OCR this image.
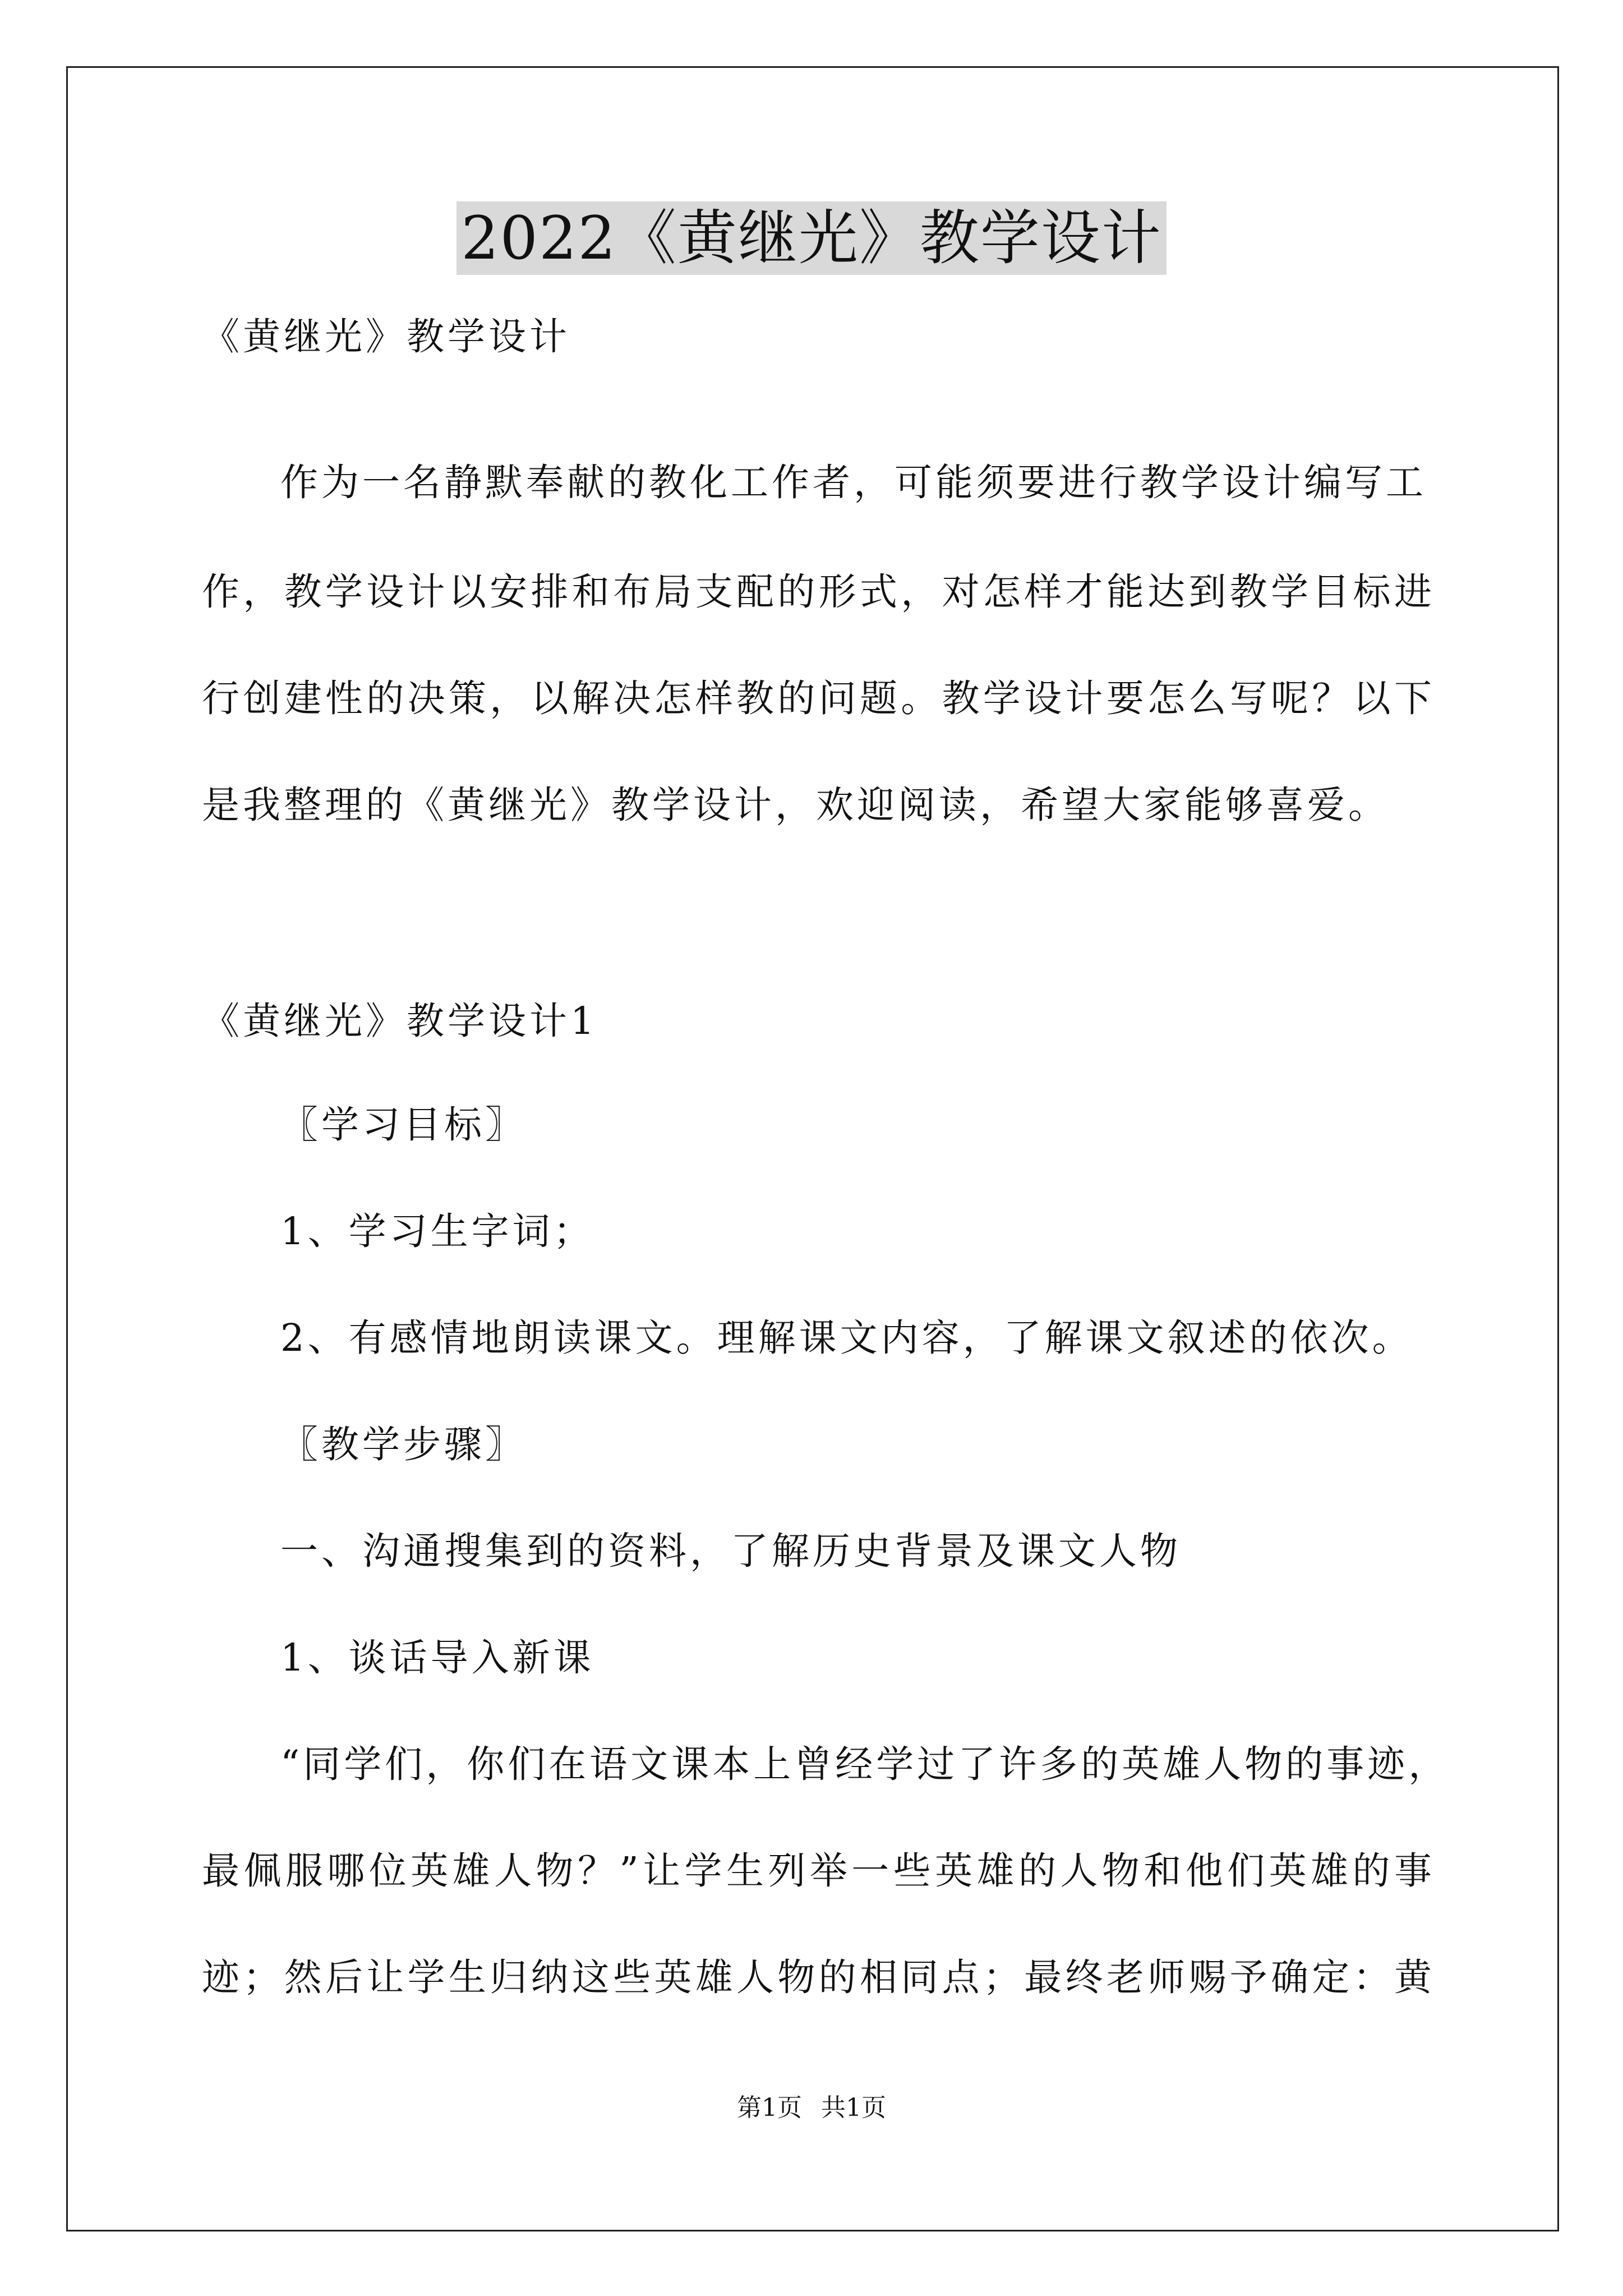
2022《黄继光》教学设计

《黄继光》教学设计

作为一名静默奉献的教化工作者，可能须要进行教学设计编写工

作，教学设计以安排和布局支配的形式，对怎样才能达到教学目标进

行创建性的决策，以解决怎样教的问题。教学设计要怎么写呢？以下

是我整理的《黄继光》教学设计，欢迎阅读，希望大家能够喜爱。

《黄继光》教学设计1

〖学习目标〗

1、学习生字词；

2、有感情地朗读课文。理解课文内容，了解课文叙述的依次。

〖教学步骤〗

一、沟通搜集到的资料，了解历史背景及课文人物

1、谈话导入新课

“同学们，你们在语文课本上曾经学过了许多的英雄人物的事迹，

最佩服哪位英雄人物？”让学生列举一些英雄的人物和他们英雄的事

迹；然后让学生归纳这些英雄人物的相同点；最终老师赐予确定：黄

第1页 共1页
